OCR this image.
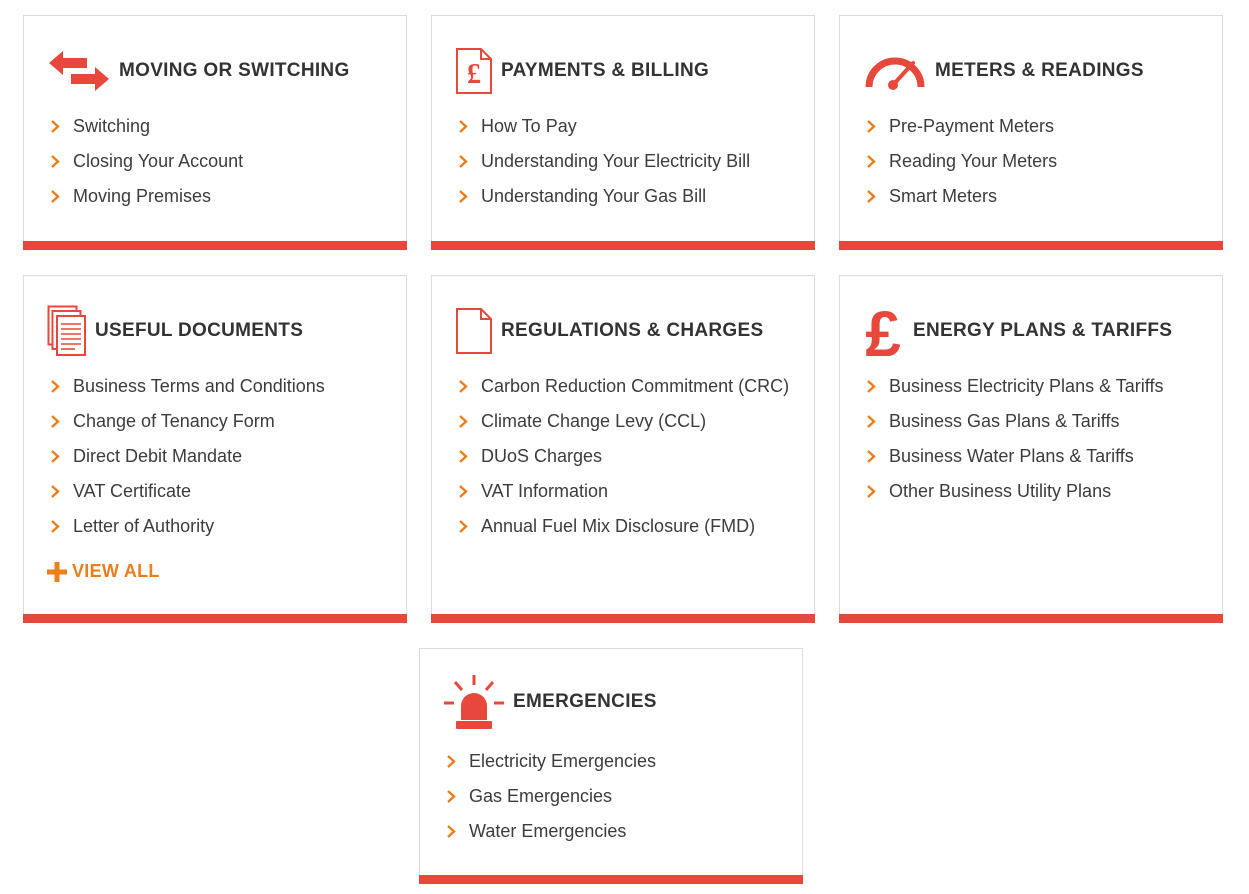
MOVING OR SWITCHING
Switching
Closing Your Account
Moving Premises
£ PAYMENTS & BILLING
How To Pay
Understanding Your Electricity Bill
Understanding Your Gas Bill
METERS & READINGS
Pre-Payment Meters
Reading Your Meters
Smart Meters
USEFUL DOCUMENTS
Business Terms and Conditions
Change of Tenancy Form
Direct Debit Mandate
VAT Certificate
Letter of Authority
VIEW ALL
REGULATIONS & CHARGES
Carbon Reduction Commitment (CRC)
Climate Change Levy (CCL)
DUoS Charges
VAT Information
Annual Fuel Mix Disclosure (FMD)
£ ENERGY PLANS & TARIFFS
Business Electricity Plans & Tariffs
Business Gas Plans & Tariffs
Business Water Plans & Tariffs
Other Business Utility Plans
EMERGENCIES
Electricity Emergencies
Gas Emergencies
Water Emergencies
